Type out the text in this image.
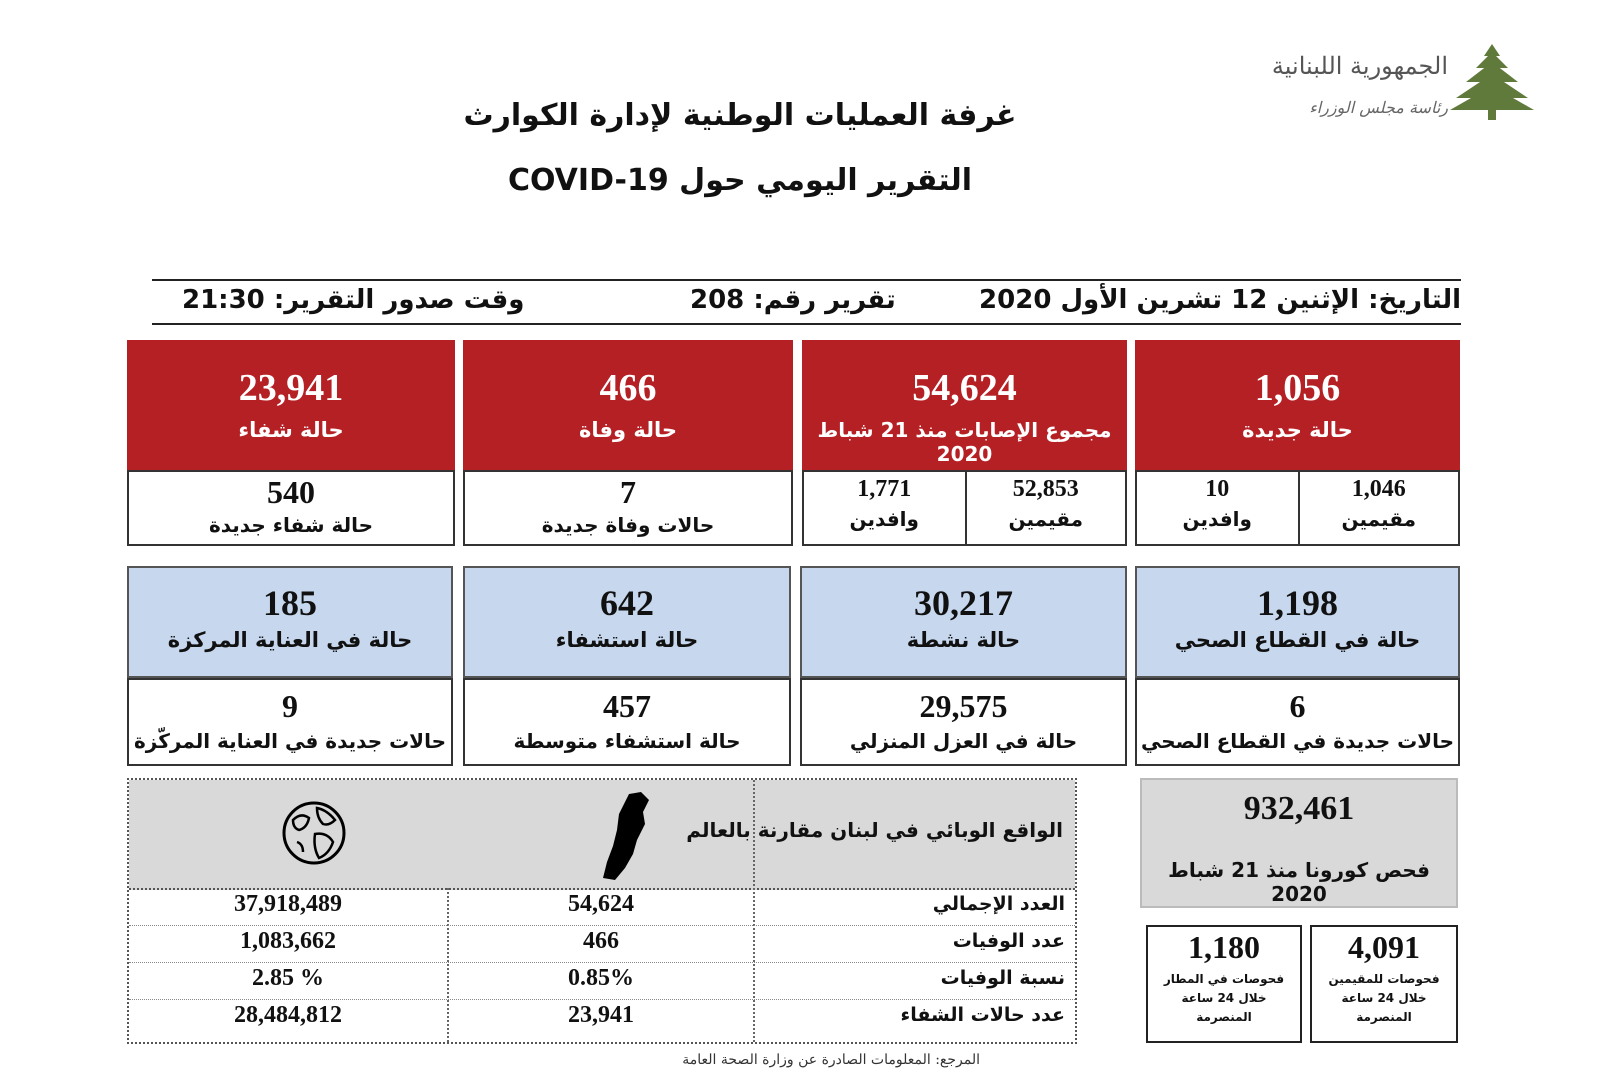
الجمهورية اللبنانية
رئاسة مجلس الوزراء
غرفة العمليات الوطنية لإدارة الكوارث
التقرير اليومي حول COVID-19
التاريخ: الإثنين 12 تشرين الأول 2020
تقرير رقم: 208
وقت صدور التقرير: 21:30
1,056
حالة جديدة
1,046
مقيمين
10
وافدين
54,624
مجموع الإصابات منذ 21 شباط 2020
52,853
مقيمين
1,771
وافدين
466
حالة وفاة
7
حالات وفاة جديدة
23,941
حالة شفاء
540
حالة شفاء جديدة
1,198
حالة في القطاع الصحي
6
حالات جديدة في القطاع الصحي
30,217
حالة نشطة
29,575
حالة في العزل المنزلي
642
حالة استشفاء
457
حالة استشفاء متوسطة
185
حالة في العناية المركزة
9
حالات جديدة في العناية المركّزة
الواقع الوبائي في لبنان مقارنة بالعالم
العدد الإجمالي
54,624
37,918,489
عدد الوفيات
466
1,083,662
نسبة الوفيات
0.85%
2.85 %
عدد حالات الشفاء
23,941
28,484,812
932,461
فحص كورونا منذ 21 شباط 2020
4,091
فحوصات للمقيمين خلال 24 ساعة المنصرمة
1,180
فحوصات في المطار خلال 24 ساعة المنصرمة
المرجع: المعلومات الصادرة عن وزارة الصحة العامة
